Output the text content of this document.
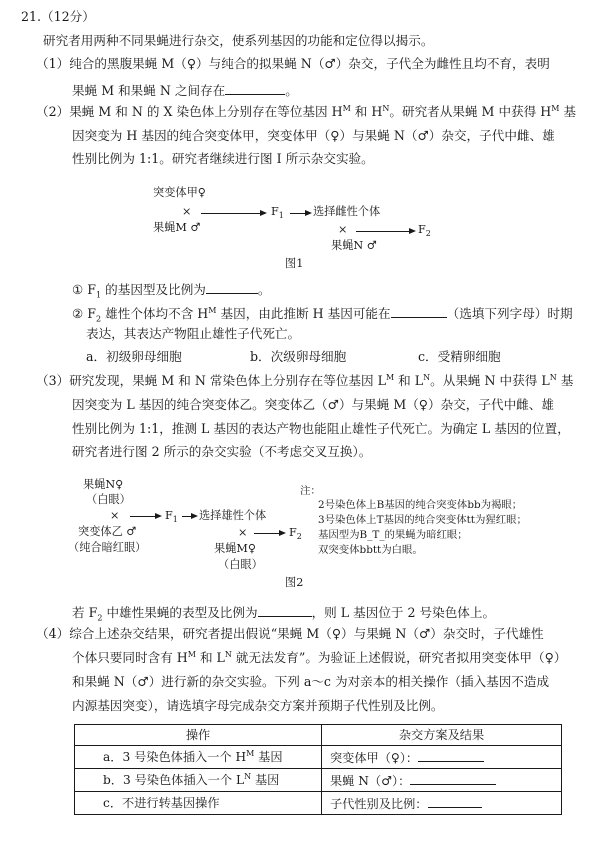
21.（12分）
研究者用两种不同果蝇进行杂交，使系列基因的功能和定位得以揭示。
（1）纯合的黑腹果蝇 M（♀）与纯合的拟果蝇 N（♂）杂交，子代全为雌性且均不育，表明
果蝇 M 和果蝇 N 之间存在	。
（2）果蝇 M 和 N 的 X 染色体上分别存在等位基因 $H^M$ 和 $H^N$。研究者从果蝇 M 中获得 $H^M$ 基
因突变为 H 基因的纯合突变体甲，突变体甲（♀）与果蝇 N（♂）杂交，子代中雌、雄
性别比例为 1:1。研究者继续进行图 I 所示杂交实验。
突变体甲♀
×	$F_1$	选择雌性个体
果蝇M ♂	×	$F_2$
果蝇N ♂
图1
① $F_1$ 的基因型及比例为	。
② $F_2$ 雄性个体均不含 $H^M$ 基因，由此推断 H 基因可能在	（选填下列字母）时期
表达，其表达产物阻止雄性子代死亡。
a．初级卵母细胞	b．次级卵母细胞	c．受精卵细胞
（3）研究发现，果蝇 M 和 N 常染色体上分别存在等位基因 $L^M$ 和 $L^N$。从果蝇 N 中获得 $L^N$ 基
因突变为 L 基因的纯合突变体乙。突变体乙（♂）与果蝇 M（♀）杂交，子代中雌、雄
性别比例为 1:1，推测 L 基因的表达产物也能阻止雄性子代死亡。为确定 L 基因的位置，
研究者进行图 2 所示的杂交实验（不考虑交叉互换）。
果蝇N♀
（白眼）
×	$F_1$ 选择雄性个体
突变体乙 ♂	×	$F_2$
（纯合暗红眼）	果蝇M♀
（白眼）
注：
2号染色体上B基因的纯合突变体bb为褐眼；
3号染色体上T基因的纯合突变体tt为猩红眼；
基因型为B_T_的果蝇为暗红眼；
双突变体bbtt为白眼。
图2
若 $F_2$ 中雄性果蝇的表型及比例为	，则 L 基因位于 2 号染色体上。
（4）综合上述杂交结果，研究者提出假说“果蝇 M（♀）与果蝇 N（♂）杂交时，子代雄性
个体只要同时含有 $H^M$ 和 $L^N$ 就无法发育”。为验证上述假说，研究者拟用突变体甲（♀）
和果蝇 N（♂）进行新的杂交实验。下列 a～c 为对亲本的相关操作（插入基因不造成
内源基因突变），请选填字母完成杂交方案并预期子代性别及比例。
操作	杂交方案及结果
a．3 号染色体插入一个 $H^M$ 基因	突变体甲（♀）：
b．3 号染色体插入一个 $L^N$ 基因	果蝇 N（♂）：
c．不进行转基因操作	子代性别及比例：
